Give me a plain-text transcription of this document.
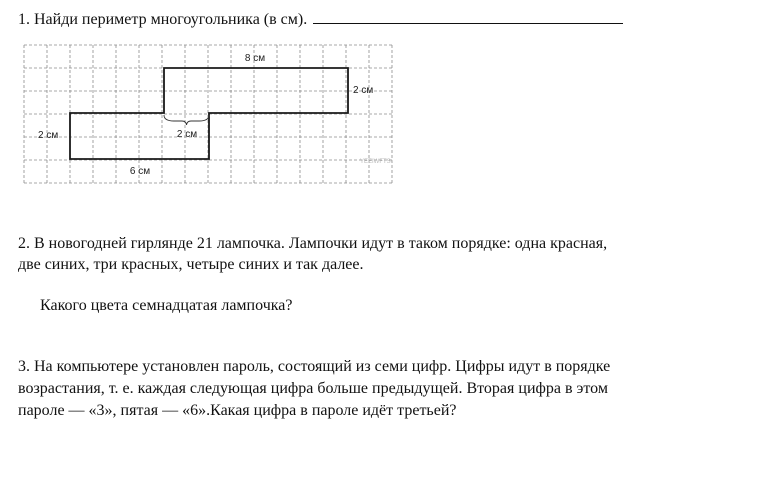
1. Найди периметр многоугольника (в см).
8 см
2 см
2 см	2 см
6 см
YEEIWFTS•
2. В новогодней гирлянде 21 лампочка. Лампочки идут в таком порядке: одна красная,
две синих, три красных, четыре синих и так далее.
Какого цвета семнадцатая лампочка?
3. На компьютере установлен пароль, состоящий из семи цифр. Цифры идут в порядке
возрастания, т. е. каждая следующая цифра больше предыдущей. Вторая цифра в этом
пароле — «3», пятая — «6».Какая цифра в пароле идёт третьей?
